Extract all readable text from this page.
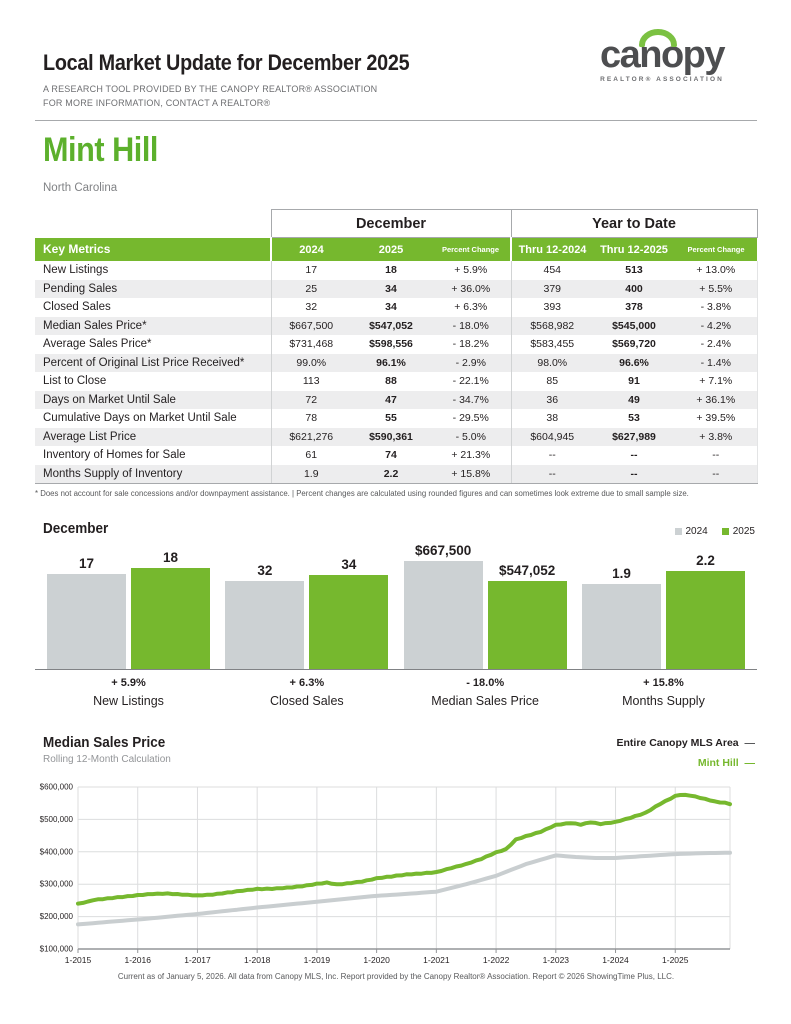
Local Market Update for December 2025
A RESEARCH TOOL PROVIDED BY THE CANOPY REALTOR® ASSOCIATION
FOR MORE INFORMATION, CONTACT A REALTOR®
canopy
REALTOR® ASSOCIATION
Mint Hill
North Carolina
	December			Year to Date		
Key Metrics	2024	2025	Percent Change	Thru 12-2024	Thru 12-2025	Percent Change
New Listings	17	18	+ 5.9%	454	513	+ 13.0%
Pending Sales	25	34	+ 36.0%	379	400	+ 5.5%
Closed Sales	32	34	+ 6.3%	393	378	- 3.8%
Median Sales Price*	$667,500	$547,052	- 18.0%	$568,982	$545,000	- 4.2%
Average Sales Price*	$731,468	$598,556	- 18.2%	$583,455	$569,720	- 2.4%
Percent of Original List Price Received*	99.0%	96.1%	- 2.9%	98.0%	96.6%	- 1.4%
List to Close	113	88	- 22.1%	85	91	+ 7.1%
Days on Market Until Sale	72	47	- 34.7%	36	49	+ 36.1%
Cumulative Days on Market Until Sale	78	55	- 29.5%	38	53	+ 39.5%
Average List Price	$621,276	$590,361	- 5.0%	$604,945	$627,989	+ 3.8%
Inventory of Homes for Sale	61	74	+ 21.3%	--	--	--
Months Supply of Inventory	1.9	2.2	+ 15.8%	--	--	--
* Does not account for sale concessions and/or downpayment assistance. | Percent changes are calculated using rounded figures and can sometimes look extreme due to small sample size.
December	2024	2025
17	18
32	34
$667,500
$547,052	1.9
2.2
+ 5.9%
New Listings
+ 6.3%
Closed Sales
- 18.0%
Median Sales Price
+ 15.8%
Months Supply
Median Sales Price
Rolling 12-Month Calculation
Entire Canopy MLS Area —
Mint Hill —
$600,000
$500,000
$400,000
$300,000
$200,000
$100,000
1-2015	1-2016	1-2017	1-2018	1-2019	1-2020	1-2021	1-2022	1-2023	1-2024	1-2025
Current as of January 5, 2026. All data from Canopy MLS, Inc. Report provided by the Canopy Realtor® Association. Report © 2026 ShowingTime Plus, LLC.
